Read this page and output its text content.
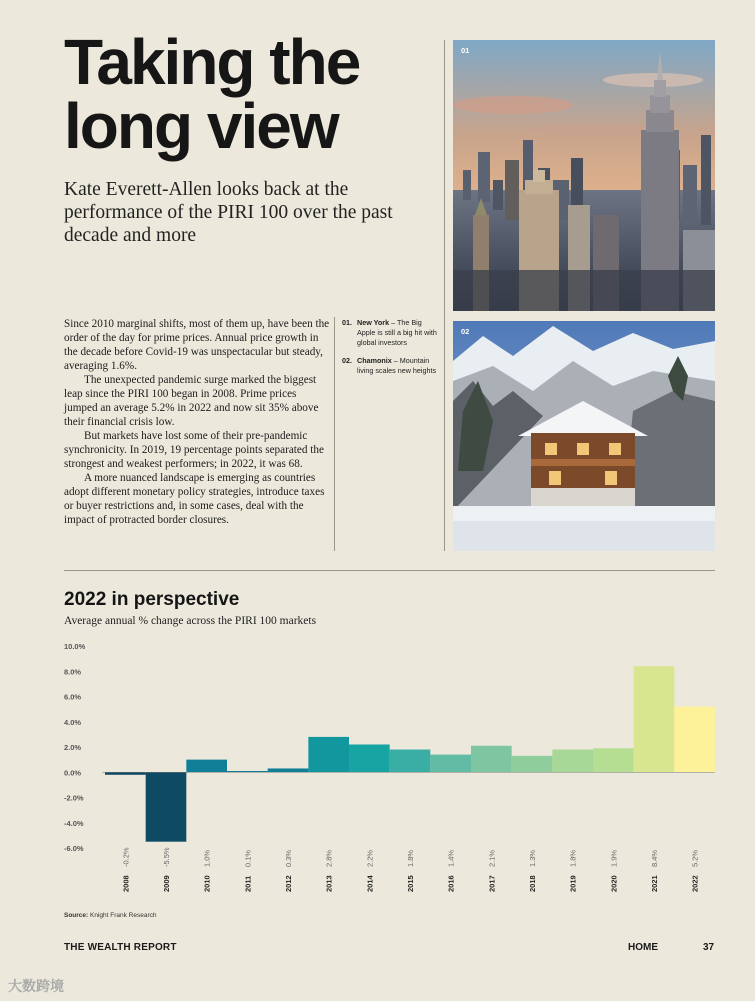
Taking the long view

Kate Everett-Allen looks back at the performance of the PIRI 100 over the past decade and more

Since 2010 marginal shifts, most of them up, have been the order of the day for prime prices. Annual price growth in the decade before Covid-19 was unspectacular but steady, averaging 1.6%.

The unexpected pandemic surge marked the biggest leap since the PIRI 100 began in 2008. Prime prices jumped an average 5.2% in 2022 and now sit 35% above their financial crisis low.

But markets have lost some of their pre-pandemic synchronicity. In 2019, 19 percentage points separated the strongest and weakest performers; in 2022, it was 68.

A more nuanced landscape is emerging as countries adopt different monetary policy strategies, introduce taxes or buyer restrictions and, in some cases, deal with the impact of protracted border closures.

01. New York – The Big Apple is still a big hit with global investors
02. Chamonix – Mountain living scales new heights
01
02
2022 in perspective
Average annual % change across the PIRI 100 markets
-6.0%
-4.0%
-2.0%
0.0%
2.0%
4.0%
6.0%
8.0%
10.0%
2008
-0.2%
2009
-5.5%
2010
1.0%
2011
0.1%
2012
0.3%
2013
2.8%
2014
2.2%
2015
1.8%
2016
1.4%
2017
2.1%
2018
1.3%
2019
1.8%
2020
1.9%
2021
8.4%
2022
5.2%
Source: Knight Frank Research
THE WEALTH REPORT	HOME	37
大数跨境
